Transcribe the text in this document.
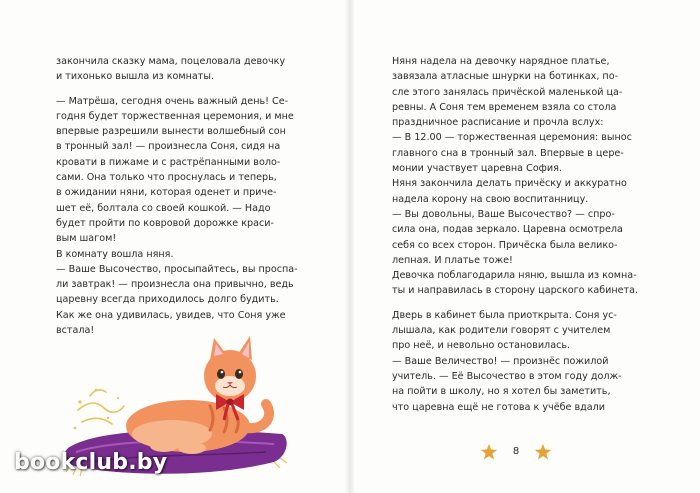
закончила сказку мама, поцеловала девочку
и тихонько вышла из комнаты.
— Матрёша, сегодня очень важный день! Се-
годня будет торжественная церемония, и мне
впервые разрешили вынести волшебный сон
в тронный зал! — произнесла Соня, сидя на
кровати в пижаме и с растрёпанными воло-
сами. Она только что проснулась и теперь,
в ожидании няни, которая оденет и приче-
шет её, болтала со своей кошкой. — Надо
будет пройти по ковровой дорожке краси-
вым шагом!
В комнату вошла няня.
— Ваше Высочество, просыпайтесь, вы проспа-
ли завтрак! — произнесла она привычно, ведь
царевну всегда приходилось долго будить.
Как же она удивилась, увидев, что Соня уже
встала!
Няня надела на девочку нарядное платье,
завязала атласные шнурки на ботинках, по-
сле этого занялась причёской маленькой ца-
ревны. А Соня тем временем взяла со стола
праздничное расписание и прочла вслух:
— В 12.00 — торжественная церемония: вынос
главного сна в тронный зал. Впервые в цере-
монии участвует царевна София.
Няня закончила делать причёску и аккуратно
надела корону на свою воспитанницу.
— Вы довольны, Ваше Высочество? — спро-
сила она, подав зеркало. Царевна осмотрела
себя со всех сторон. Причёска была велико-
лепная. И платье тоже!
Девочка поблагодарила няню, вышла из комна-
ты и направилась в сторону царского кабинета.
Дверь в кабинет была приоткрыта. Соня ус-
лышала, как родители говорят с учителем
про неё, и невольно остановилась.
— Ваше Величество! — произнёс пожилой
учитель. — Её Высочество в этом году долж-
на пойти в школу, но я хотел бы заметить,
что царевна ещё не готова к учёбе вдали
bookclub.by	8
